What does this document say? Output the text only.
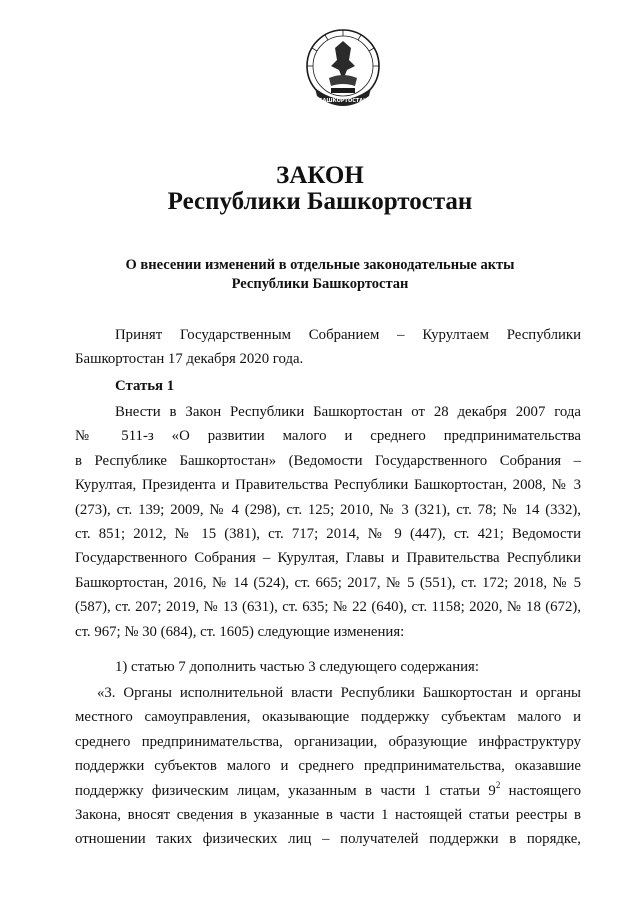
БАШКОРТОСТАН
ЗАКОН
Республики Башкортостан
О внесении изменений в отдельные законодательные акты
Республики Башкортостан
Принят Государственным Собранием – Курултаем Республики
Башкортостан 17 декабря 2020 года.
Статья 1
Внести в Закон Республики Башкортостан от 28 декабря 2007 года
№ 511-з «О развитии малого и среднего предпринимательства
в Республике Башкортостан» (Ведомости Государственного Собрания –
Курултая, Президента и Правительства Республики Башкортостан, 2008, № 3
(273), ст. 139; 2009, № 4 (298), ст. 125; 2010, № 3 (321), ст. 78; № 14 (332),
ст. 851; 2012, № 15 (381), ст. 717; 2014, № 9 (447), ст. 421; Ведомости
Государственного Собрания – Курултая, Главы и Правительства Республики
Башкортостан, 2016, № 14 (524), ст. 665; 2017, № 5 (551), ст. 172; 2018, № 5
(587), ст. 207; 2019, № 13 (631), ст. 635; № 22 (640), ст. 1158; 2020, № 18 (672),
ст. 967; № 30 (684), ст. 1605) следующие изменения:
1) статью 7 дополнить частью 3 следующего содержания:
«3. Органы исполнительной власти Республики Башкортостан и органы
местного самоуправления, оказывающие поддержку субъектам малого и
среднего предпринимательства, организации, образующие инфраструктуру
поддержки субъектов малого и среднего предпринимательства, оказавшие
поддержку физическим лицам, указанным в части 1 статьи $9^2$ настоящего
Закона, вносят сведения в указанные в части 1 настоящей статьи реестры в
отношении таких физических лиц – получателей поддержки в порядке,
